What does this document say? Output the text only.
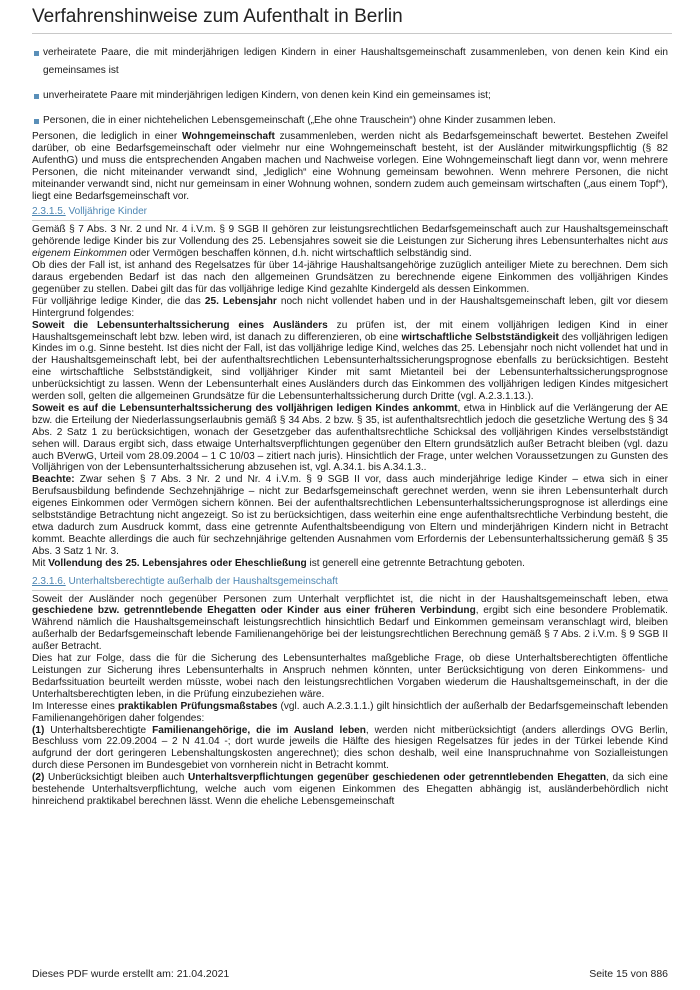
Verfahrenshinweise zum Aufenthalt in Berlin
verheiratete Paare, die mit minderjährigen ledigen Kindern in einer Haushaltsgemeinschaft zusammenleben, von denen kein Kind ein gemeinsames ist
unverheiratete Paare mit minderjährigen ledigen Kindern, von denen kein Kind ein gemeinsames ist;
Personen, die in einer nichtehelichen Lebensgemeinschaft („Ehe ohne Trauschein“) ohne Kinder zusammen leben.

Personen, die lediglich in einer Wohngemeinschaft zusammenleben, werden nicht als Bedarfsgemeinschaft bewertet. Bestehen Zweifel darüber, ob eine Bedarfsgemeinschaft oder vielmehr nur eine Wohngemeinschaft besteht, ist der Ausländer mitwirkungspflichtig (§ 82 AufenthG) und muss die entsprechenden Angaben machen und Nachweise vorlegen. Eine Wohngemeinschaft liegt dann vor, wenn mehrere Personen, die nicht miteinander verwandt sind, „lediglich“ eine Wohnung gemeinsam bewohnen. Wenn mehrere Personen, die nicht miteinander verwandt sind, nicht nur gemeinsam in einer Wohnung wohnen, sondern zudem auch gemeinsam wirtschaften („aus einem Topf“), liegt eine Bedarfsgemeinschaft vor.

2.3.1.5. Volljährige Kinder

Gemäß § 7 Abs. 3 Nr. 2 und Nr. 4 i.V.m. § 9 SGB II gehören zur leistungsrechtlichen Bedarfsgemeinschaft auch zur Haushaltsgemeinschaft gehörende ledige Kinder bis zur Vollendung des 25. Lebensjahres soweit sie die Leistungen zur Sicherung ihres Lebensunterhaltes nicht aus eigenem Einkommen oder Vermögen beschaffen können, d.h. nicht wirtschaftlich selbständig sind.

Ob dies der Fall ist, ist anhand des Regelsatzes für über 14-jährige Haushaltsangehörige zuzüglich anteiliger Miete zu berechnen. Dem sich daraus ergebenden Bedarf ist das nach den allgemeinen Grundsätzen zu berechnende eigene Einkommen des volljährigen Kindes gegenüber zu stellen. Dabei gilt das für das volljährige ledige Kind gezahlte Kindergeld als dessen Einkommen.

Für volljährige ledige Kinder, die das 25. Lebensjahr noch nicht vollendet haben und in der Haushaltsgemeinschaft leben, gilt vor diesem Hintergrund folgendes:

Soweit die Lebensunterhaltssicherung eines Ausländers zu prüfen ist, der mit einem volljährigen ledigen Kind in einer Haushaltsgemeinschaft lebt bzw. leben wird, ist danach zu differenzieren, ob eine wirtschaftliche Selbstständigkeit des volljährigen ledigen Kindes im o.g. Sinne besteht. Ist dies nicht der Fall, ist das volljährige ledige Kind, welches das 25. Lebensjahr noch nicht vollendet hat und in der Haushaltsgemeinschaft lebt, bei der aufenthaltsrechtlichen Lebensunterhaltssicherungsprognose ebenfalls zu berücksichtigen. Besteht eine wirtschaftliche Selbstständigkeit, sind volljähriger Kinder mit samt Mietanteil bei der Lebensunterhaltssicherungsprognose unberücksichtigt zu lassen. Wenn der Lebensunterhalt eines Ausländers durch das Einkommen des volljährigen ledigen Kindes mitgesichert werden soll, gelten die allgemeinen Grundsätze für die Lebensunterhaltssicherung durch Dritte (vgl. A.2.3.1.13.).

Soweit es auf die Lebensunterhaltssicherung des volljährigen ledigen Kindes ankommt, etwa in Hinblick auf die Verlängerung der AE bzw. die Erteilung der Niederlassungserlaubnis gemäß § 34 Abs. 2 bzw. § 35, ist aufenthaltsrechtlich jedoch die gesetzliche Wertung des § 34 Abs. 2 Satz 1 zu berücksichtigen, wonach der Gesetzgeber das aufenthaltsrechtliche Schicksal des volljährigen Kindes verselbstständigt sehen will. Daraus ergibt sich, dass etwaige Unterhaltsverpflichtungen gegenüber den Eltern grundsätzlich außer Betracht bleiben (vgl. dazu auch BVerwG, Urteil vom 28.09.2004 – 1 C 10/03 – zitiert nach juris). Hinsichtlich der Frage, unter welchen Voraussetzungen zu Gunsten des Volljährigen von der Lebensunterhaltssicherung abzusehen ist, vgl. A.34.1. bis A.34.1.3..

Beachte: Zwar sehen § 7 Abs. 3 Nr. 2 und Nr. 4 i.V.m. § 9 SGB II vor, dass auch minderjährige ledige Kinder – etwa sich in einer Berufsausbildung befindende Sechzehnjährige – nicht zur Bedarfsgemeinschaft gerechnet werden, wenn sie ihren Lebensunterhalt durch eigenes Einkommen oder Vermögen sichern können. Bei der aufenthaltsrechtlichen Lebensunterhaltssicherungsprognose ist allerdings eine selbstständige Betrachtung nicht angezeigt. So ist zu berücksichtigen, dass weiterhin eine enge aufenthaltsrechtliche Verbindung besteht, die etwa dadurch zum Ausdruck kommt, dass eine getrennte Aufenthaltsbeendigung von Eltern und minderjährigen Kindern nicht in Betracht kommt. Beachte allerdings die auch für sechzehnjährige geltenden Ausnahmen vom Erfordernis der Lebensunterhaltssicherung gemäß § 35 Abs. 3 Satz 1 Nr. 3.

Mit Vollendung des 25. Lebensjahres oder Eheschließung ist generell eine getrennte Betrachtung geboten.

2.3.1.6. Unterhaltsberechtigte außerhalb der Haushaltsgemeinschaft

Soweit der Ausländer noch gegenüber Personen zum Unterhalt verpflichtet ist, die nicht in der Haushaltsgemeinschaft leben, etwa geschiedene bzw. getrenntlebende Ehegatten oder Kinder aus einer früheren Verbindung, ergibt sich eine besondere Problematik. Während nämlich die Haushaltsgemeinschaft leistungsrechtlich hinsichtlich Bedarf und Einkommen gemeinsam veranschlagt wird, bleiben außerhalb der Bedarfsgemeinschaft lebende Familienangehörige bei der leistungsrechtlichen Berechnung gemäß § 7 Abs. 2 i.V.m. § 9 SGB II außer Betracht.

Dies hat zur Folge, dass die für die Sicherung des Lebensunterhaltes maßgebliche Frage, ob diese Unterhaltsberechtigten öffentliche Leistungen zur Sicherung ihres Lebensunterhalts in Anspruch nehmen könnten, unter Berücksichtigung von deren Einkommens- und Bedarfssituation beurteilt werden müsste, wobei nach den leistungsrechtlichen Vorgaben wiederum die Haushaltsgemeinschaft, in der die Unterhaltsberechtigten leben, in die Prüfung einzubeziehen wäre.

Im Interesse eines praktikablen Prüfungsmaßstabes (vgl. auch A.2.3.1.1.) gilt hinsichtlich der außerhalb der Bedarfsgemeinschaft lebenden Familienangehörigen daher folgendes:

(1) Unterhaltsberechtigte Familienangehörige, die im Ausland leben, werden nicht mitberücksichtigt (anders allerdings OVG Berlin, Beschluss vom 22.09.2004 – 2 N 41.04 -; dort wurde jeweils die Hälfte des hiesigen Regelsatzes für jedes in der Türkei lebende Kind aufgrund der dort geringeren Lebenshaltungskosten angerechnet); dies schon deshalb, weil eine Inanspruchnahme von Sozialleistungen durch diese Personen im Bundesgebiet von vornherein nicht in Betracht kommt.

(2) Unberücksichtigt bleiben auch Unterhaltsverpflichtungen gegenüber geschiedenen oder getrenntlebenden Ehegatten, da sich eine bestehende Unterhaltsverpflichtung, welche auch vom eigenen Einkommen des Ehegatten abhängig ist, ausländerbehördlich nicht hinreichend praktikabel berechnen lässt. Wenn die eheliche Lebensgemeinschaft

Dieses PDF wurde erstellt am: 21.04.2021	Seite 15 von 886
